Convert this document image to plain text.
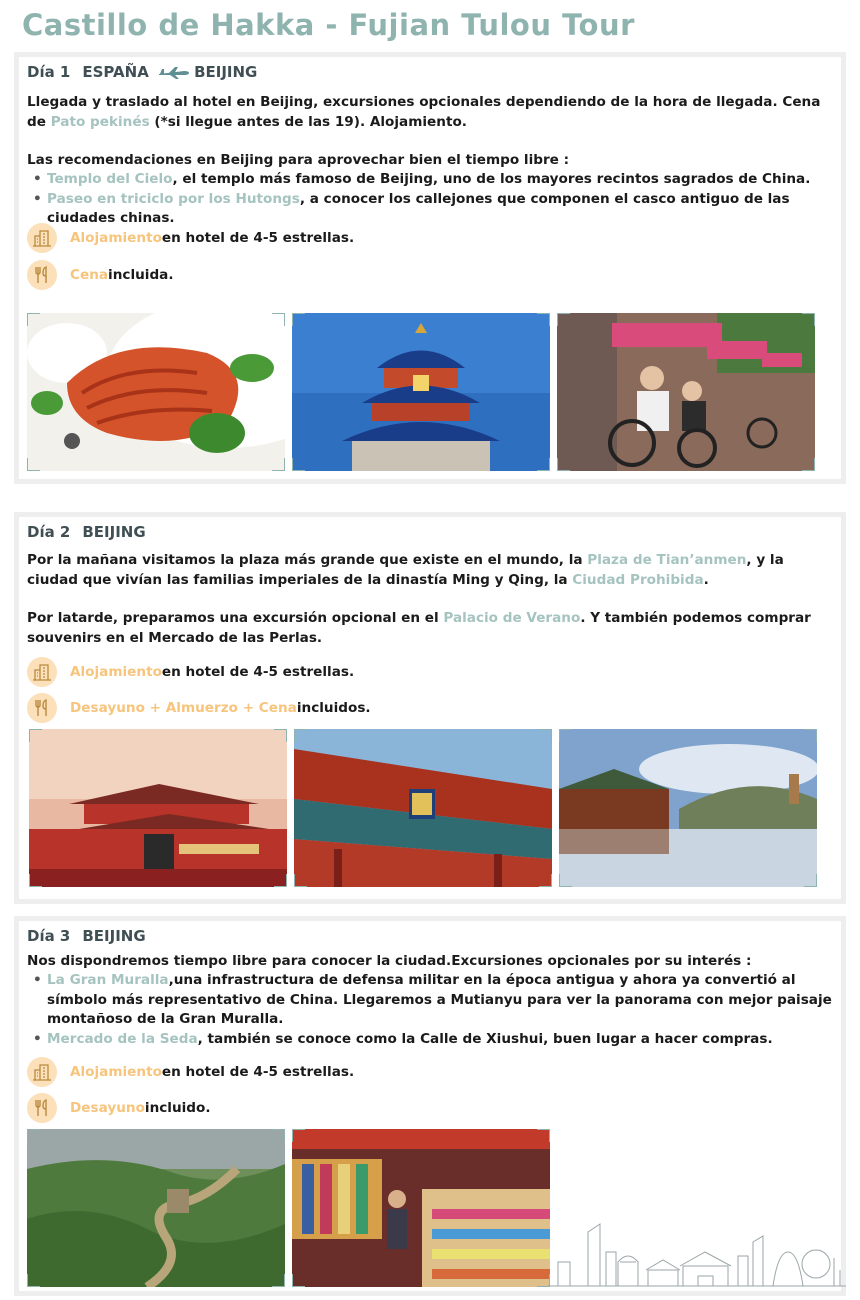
Castillo de Hakka - Fujian Tulou Tour
Día 1 ESPAÑA	BEIJING

Llegada y traslado al hotel en Beijing, excursiones opcionales dependiendo de la hora de llegada. Cena de Pato pekinés (*si llegue antes de las 19). Alojamiento.

Las recomendaciones en Beijing para aprovechar bien el tiempo libre :

• Templo del Cielo, el templo más famoso de Beijing, uno de los mayores recintos sagrados de China.
• Paseo en triciclo por los Hutongs, a conocer los callejones que componen el casco antiguo de las ciudades chinas.
Alojamiento en hotel de 4-5 estrellas.
Cena incluida.
Día 2 BEIJING

Por la mañana visitamos la plaza más grande que existe en el mundo, la Plaza de Tian’anmen, y la ciudad que vivían las familias imperiales de la dinastía Ming y Qing, la Ciudad Prohibida.

Por latarde, preparamos una excursión opcional en el Palacio de Verano. Y también podemos comprar souvenirs en el Mercado de las Perlas.

Alojamiento en hotel de 4-5 estrellas.
Desayuno + Almuerzo + Cena incluidos.
Día 3 BEIJING

Nos dispondremos tiempo libre para conocer la ciudad.Excursiones opcionales por su interés :

• La Gran Muralla,una infrastructura de defensa militar en la época antigua y ahora ya convertió al símbolo más representativo de China. Llegaremos a Mutianyu para ver la panorama con mejor paisaje montañoso de la Gran Muralla.
• Mercado de la Seda, también se conoce como la Calle de Xiushui, buen lugar a hacer compras.
Alojamiento en hotel de 4-5 estrellas.
Desayuno incluido.
